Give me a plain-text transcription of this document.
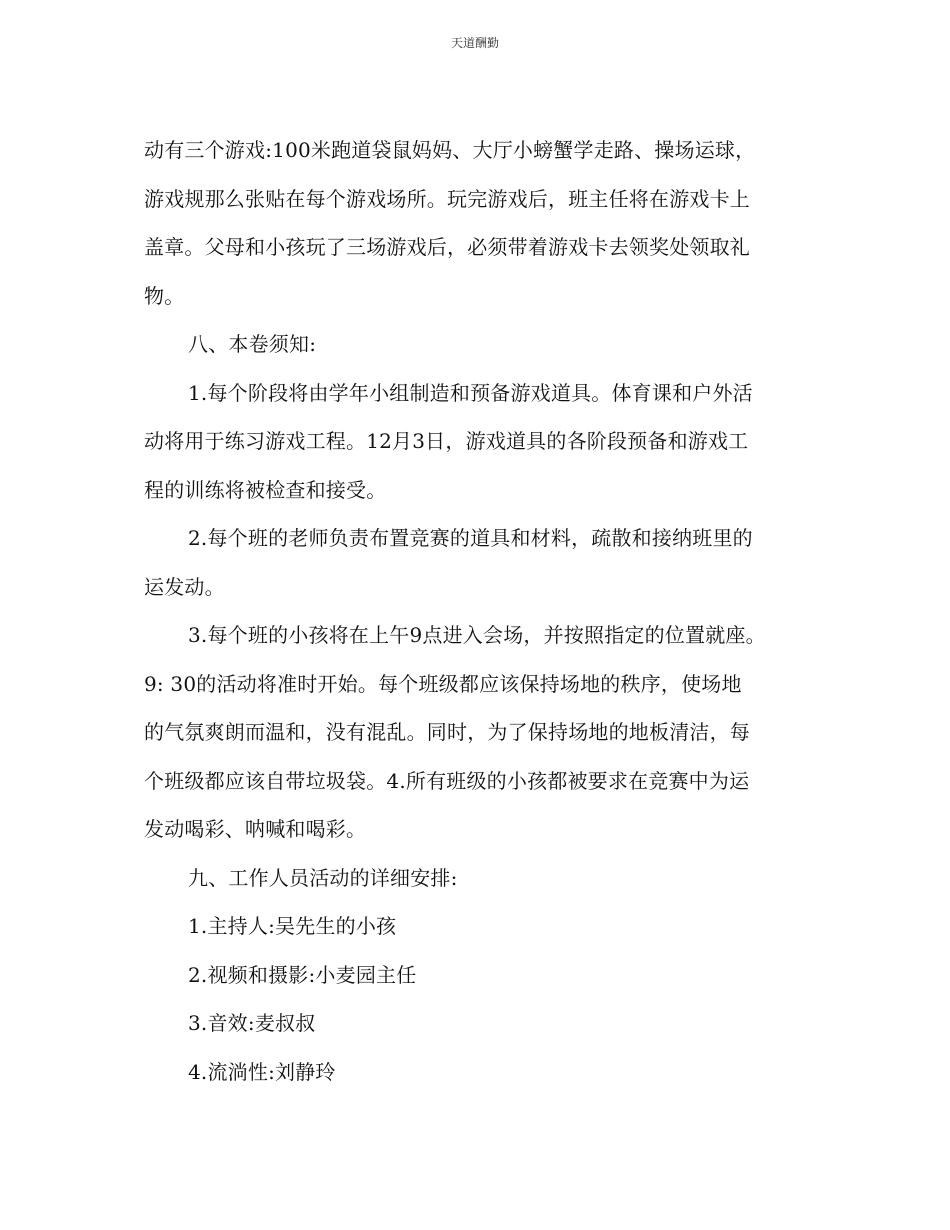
天道酬勤
动有三个游戏:100米跑道袋鼠妈妈、大厅小螃蟹学走路、操场运球，
游戏规那么张贴在每个游戏场所。玩完游戏后，班主任将在游戏卡上
盖章。父母和小孩玩了三场游戏后，必须带着游戏卡去领奖处领取礼
物。
八、本卷须知:
1.每个阶段将由学年小组制造和预备游戏道具。体育课和户外活
动将用于练习游戏工程。12月3日，游戏道具的各阶段预备和游戏工
程的训练将被检查和接受。
2.每个班的老师负责布置竞赛的道具和材料，疏散和接纳班里的
运发动。
3.每个班的小孩将在上午9点进入会场，并按照指定的位置就座。
9: 30的活动将准时开始。每个班级都应该保持场地的秩序，使场地
的气氛爽朗而温和，没有混乱。同时，为了保持场地的地板清洁，每
个班级都应该自带垃圾袋。4.所有班级的小孩都被要求在竞赛中为运
发动喝彩、呐喊和喝彩。
九、工作人员活动的详细安排:
1.主持人:吴先生的小孩
2.视频和摄影:小麦园主任
3.音效:麦叔叔
4.流淌性:刘静玲
